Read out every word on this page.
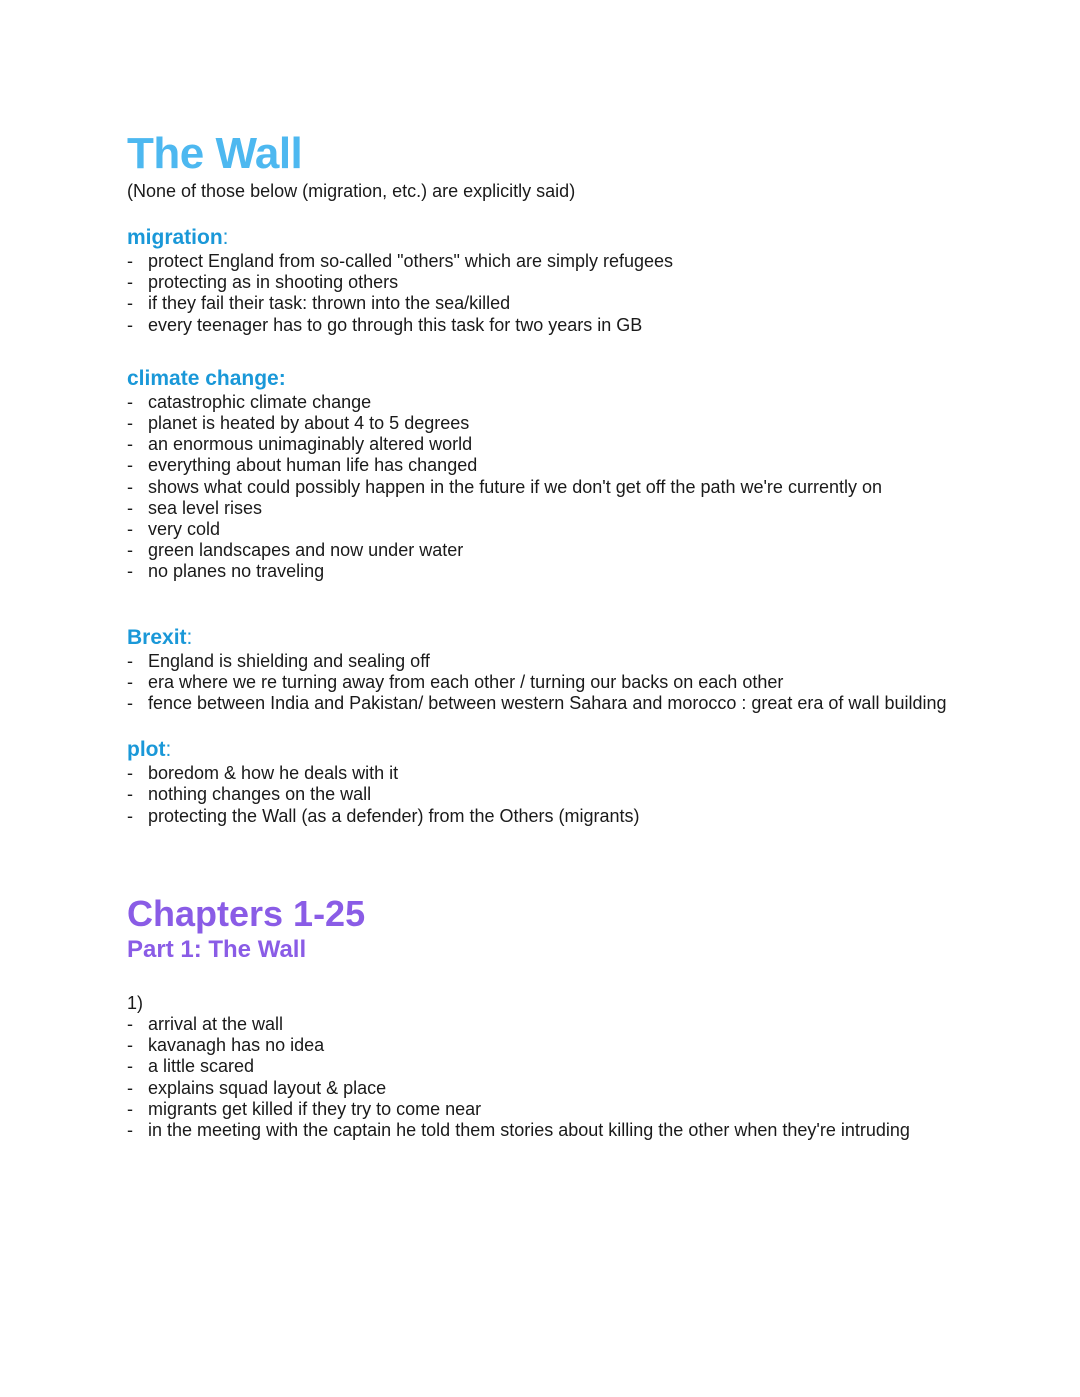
The Wall

(None of those below (migration, etc.) are explicitly said)

migration:
- protect England from so-called "others" which are simply refugees
- protecting as in shooting others
- if they fail their task: thrown into the sea/killed
- every teenager has to go through this task for two years in GB
climate change:
- catastrophic climate change
- planet is heated by about 4 to 5 degrees
- an enormous unimaginably altered world
- everything about human life has changed
- shows what could possibly happen in the future if we don't get off the path we're currently on
- sea level rises
- very cold
- green landscapes and now under water
- no planes no traveling
Brexit:
- England is shielding and sealing off
- era where we re turning away from each other / turning our backs on each other
- fence between India and Pakistan/ between western Sahara and morocco : great era of wall building
plot:
- boredom & how he deals with it
- nothing changes on the wall
- protecting the Wall (as a defender) from the Others (migrants)
Chapters 1-25
Part 1: The Wall

1)

- arrival at the wall
- kavanagh has no idea
- a little scared
- explains squad layout & place
- migrants get killed if they try to come near
- in the meeting with the captain he told them stories about killing the other when they're intruding
